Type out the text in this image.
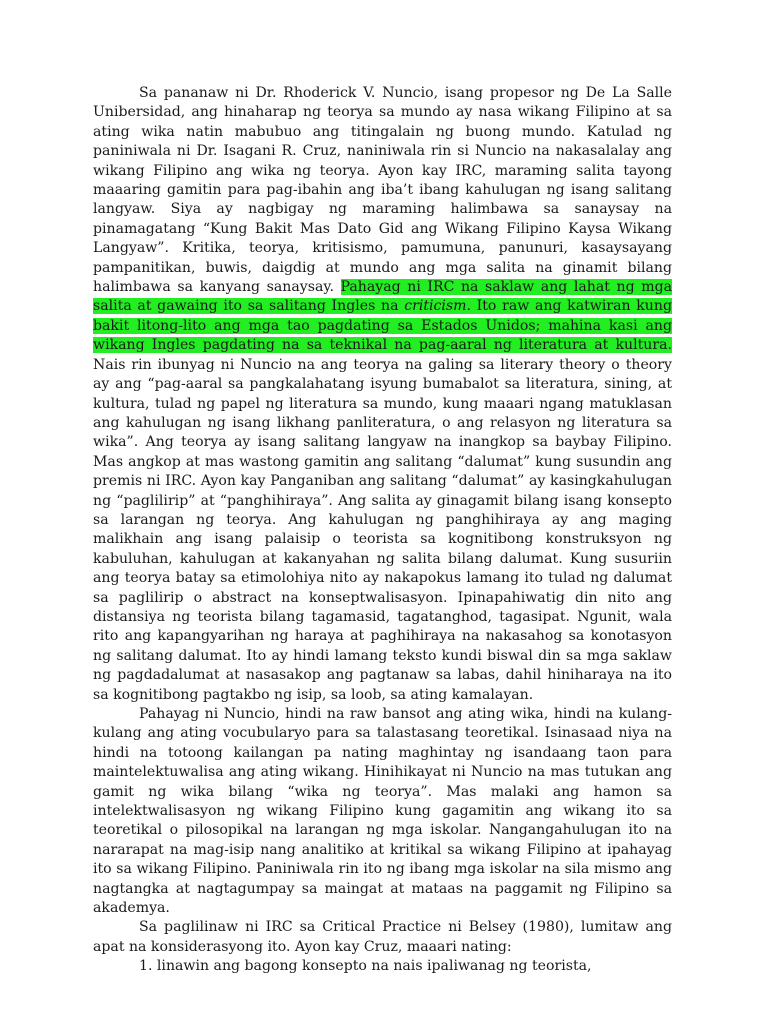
Sa pananaw ni Dr. Rhoderick V. Nuncio, isang propesor ng De La Salle Unibersidad, ang hinaharap ng teorya sa mundo ay nasa wikang Filipino at sa ating wika natin mabubuo ang titingalain ng buong mundo. Katulad ng paniniwala ni Dr. Isagani R. Cruz, naniniwala rin si Nuncio na nakasalalay ang wikang Filipino ang wika ng teorya. Ayon kay IRC, maraming salita tayong maaaring gamitin para pag-ibahin ang iba’t ibang kahulugan ng isang salitang langyaw. Siya ay nagbigay ng maraming halimbawa sa sanaysay na pinamagatang “Kung Bakit Mas Dato Gid ang Wikang Filipino Kaysa Wikang Langyaw”. Kritika, teorya, kritisismo, pamumuna, panunuri, kasaysayang pampanitikan, buwis, daigdig at mundo ang mga salita na ginamit bilang halimbawa sa kanyang sanaysay. Pahayag ni IRC na saklaw ang lahat ng mga salita at gawaing ito sa salitang Ingles na criticism. Ito raw ang katwiran kung bakit litong-lito ang mga tao pagdating sa Estados Unidos; mahina kasi ang wikang Ingles pagdating na sa teknikal na pag-aaral ng literatura at kultura. Nais rin ibunyag ni Nuncio na ang teorya na galing sa literary theory o theory ay ang “pag-aaral sa pangkalahatang isyung bumabalot sa literatura, sining, at kultura, tulad ng papel ng literatura sa mundo, kung maaari ngang matuklasan ang kahulugan ng isang likhang panliteratura, o ang relasyon ng literatura sa wika”. Ang teorya ay isang salitang langyaw na inangkop sa baybay Filipino. Mas angkop at mas wastong gamitin ang salitang “dalumat” kung susundin ang premis ni IRC. Ayon kay Panganiban ang salitang “dalumat” ay kasingkahulugan ng “paglilirip” at “panghihiraya”. Ang salita ay ginagamit bilang isang konsepto sa larangan ng teorya. Ang kahulugan ng panghihiraya ay ang maging malikhain ang isang palaisip o teorista sa kognitibong konstruksyon ng kabuluhan, kahulugan at kakanyahan ng salita bilang dalumat. Kung susuriin ang teorya batay sa etimolohiya nito ay nakapokus lamang ito tulad ng dalumat sa paglilirip o abstract na konseptwalisasyon. Ipinapahiwatig din nito ang distansiya ng teorista bilang tagamasid, tagatanghod, tagasipat. Ngunit, wala rito ang kapangyarihan ng haraya at paghihiraya na nakasahog sa konotasyon ng salitang dalumat. Ito ay hindi lamang teksto kundi biswal din sa mga saklaw ng pagdadalumat at nasasakop ang pagtanaw sa labas, dahil hiniharaya na ito sa kognitibong pagtakbo ng isip, sa loob, sa ating kamalayan.

Pahayag ni Nuncio, hindi na raw bansot ang ating wika, hindi na kulang-kulang ang ating vocubularyo para sa talastasang teoretikal. Isinasaad niya na hindi na totoong kailangan pa nating maghintay ng isandaang taon para maintelektuwalisa ang ating wikang. Hinihikayat ni Nuncio na mas tutukan ang gamit ng wika bilang “wika ng teorya”. Mas malaki ang hamon sa intelektwalisasyon ng wikang Filipino kung gagamitin ang wikang ito sa teoretikal o pilosopikal na larangan ng mga iskolar. Nangangahulugan ito na nararapat na mag-isip nang analitiko at kritikal sa wikang Filipino at ipahayag ito sa wikang Filipino. Paniniwala rin ito ng ibang mga iskolar na sila mismo ang nagtangka at nagtagumpay sa maingat at mataas na paggamit ng Filipino sa akademya.

Sa paglilinaw ni IRC sa Critical Practice ni Belsey (1980), lumitaw ang apat na konsiderasyong ito. Ayon kay Cruz, maaari nating:

1. linawin ang bagong konsepto na nais ipaliwanag ng teorista,
